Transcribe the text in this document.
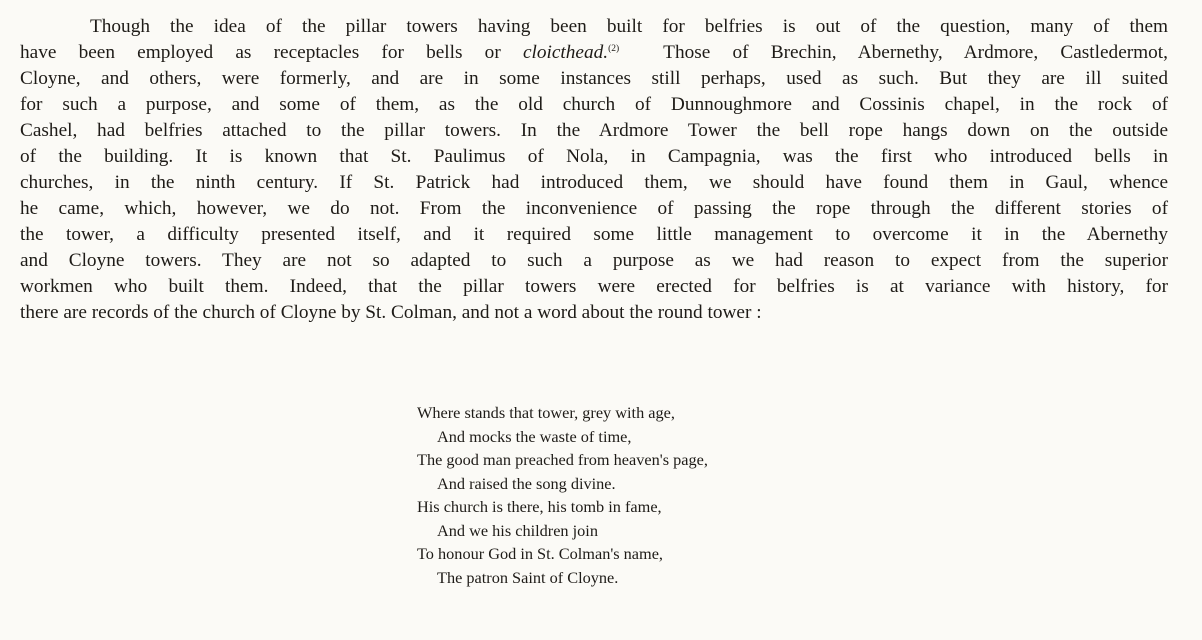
Though the idea of the pillar towers having been built for belfries is out of the question, many of them
have been employed as receptacles for bells or cloicthead.$^{(2)}$  Those of Brechin, Abernethy, Ardmore, Castledermot,
Cloyne, and others, were formerly, and are in some instances still perhaps, used as such. But they are ill suited
for such a purpose, and some of them, as the old church of Dunnoughmore and Cossinis chapel, in the rock of
Cashel, had belfries attached to the pillar towers. In the Ardmore Tower the bell rope hangs down on the outside
of the building. It is known that St. Paulimus of Nola, in Campagnia, was the first who introduced bells in
churches, in the ninth century. If St. Patrick had introduced them, we should have found them in Gaul, whence
he came, which, however, we do not. From the inconvenience of passing the rope through the different stories of
the tower, a difficulty presented itself, and it required some little management to overcome it in the Abernethy
and Cloyne towers. They are not so adapted to such a purpose as we had reason to expect from the superior
workmen who built them. Indeed, that the pillar towers were erected for belfries is at variance with history, for
there are records of the church of Cloyne by St. Colman, and not a word about the round tower :
Where stands that tower, grey with age,
And mocks the waste of time,
The good man preached from heaven's page,
And raised the song divine.
His church is there, his tomb in fame,
And we his children join
To honour God in St. Colman's name,
The patron Saint of Cloyne.
